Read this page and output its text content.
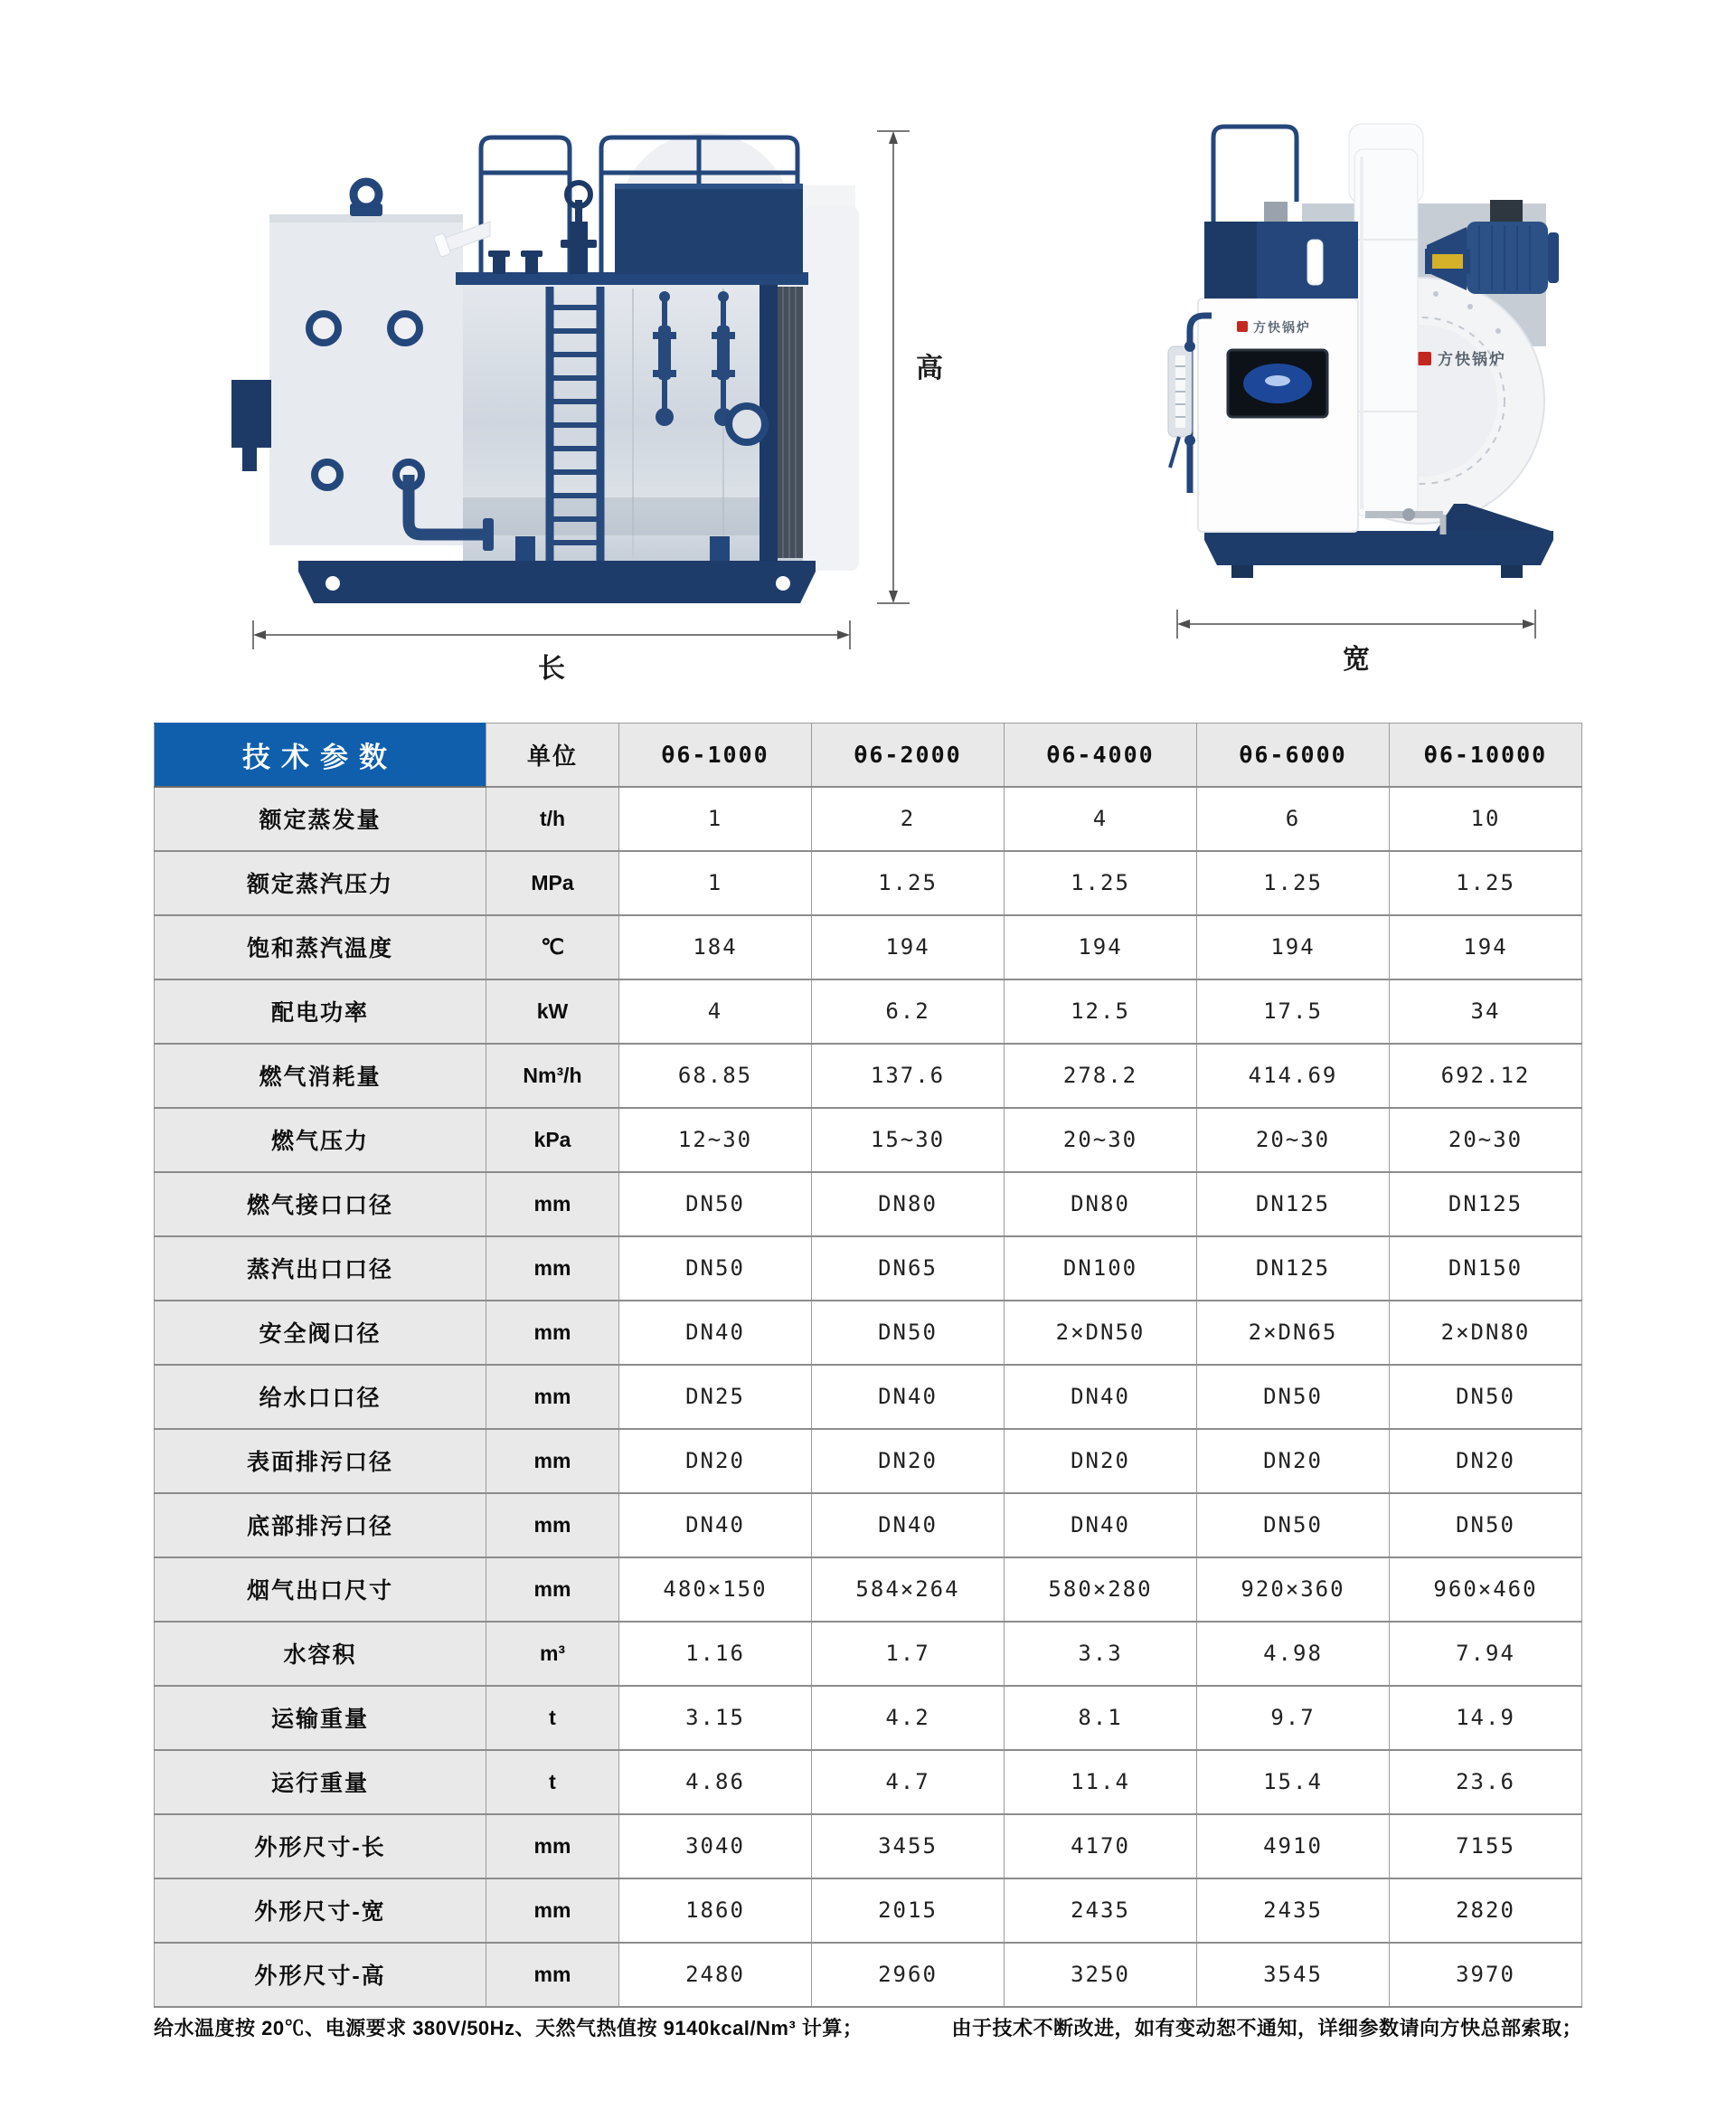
高
长
方快锅炉
方快锅炉
宽
技术参数	单位	θ6-1000	θ6-2000	θ6-4000	θ6-6000	θ6-10000
额定蒸发量	t/h	1	2	4	6	10
额定蒸汽压力	MPa	1	1.25	1.25	1.25	1.25
饱和蒸汽温度	℃	184	194	194	194	194
配电功率	kW	4	6.2	12.5	17.5	34
燃气消耗量	Nm³/h	68.85	137.6	278.2	414.69	692.12
燃气压力	kPa	12~30	15~30	20~30	20~30	20~30
燃气接口口径	mm	DN50	DN80	DN80	DN125	DN125
蒸汽出口口径	mm	DN50	DN65	DN100	DN125	DN150
安全阀口径	mm	DN40	DN50	2×DN50	2×DN65	2×DN80
给水口口径	mm	DN25	DN40	DN40	DN50	DN50
表面排污口径	mm	DN20	DN20	DN20	DN20	DN20
底部排污口径	mm	DN40	DN40	DN40	DN50	DN50
烟气出口尺寸	mm	480×150	584×264	580×280	920×360	960×460
水容积	m³	1.16	1.7	3.3	4.98	7.94
运输重量	t	3.15	4.2	8.1	9.7	14.9
运行重量	t	4.86	4.7	11.4	15.4	23.6
外形尺寸-长	mm	3040	3455	4170	4910	7155
外形尺寸-宽	mm	1860	2015	2435	2435	2820
外形尺寸-高	mm	2480	2960	3250	3545	3970

给水温度按 20℃、电源要求 380V/50Hz、天然气热值按 9140kcal/Nm³ 计算；	由于技术不断改进，如有变动恕不通知，详细参数请向方快总部索取；
